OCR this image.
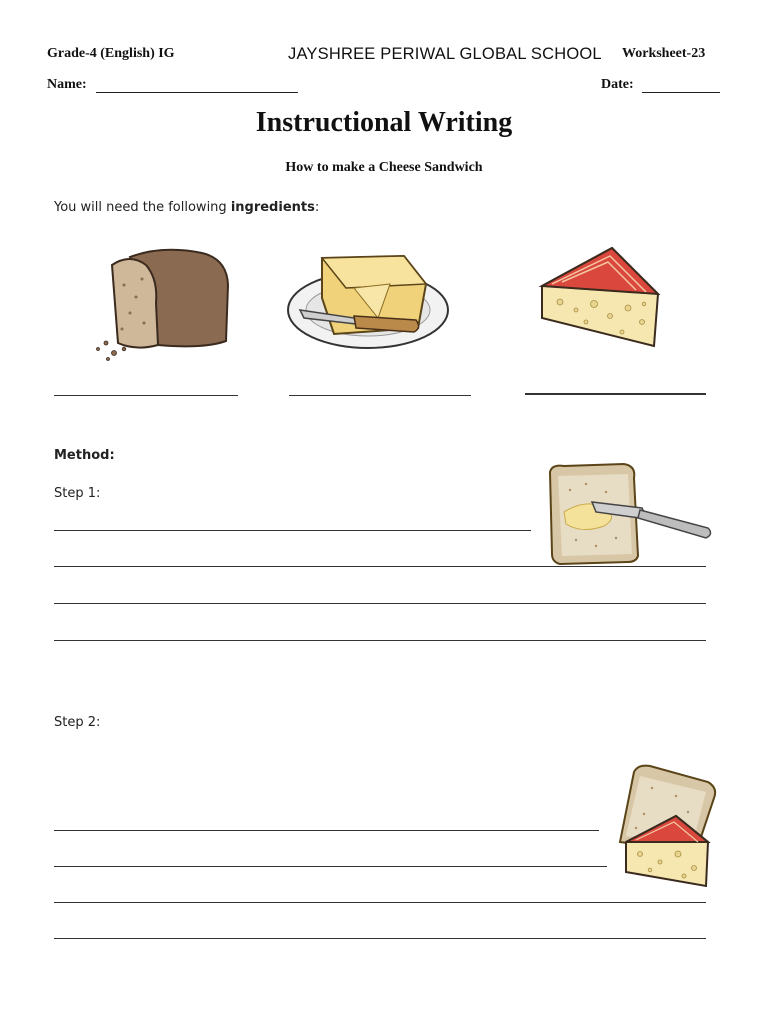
Grade-4 (English) IG	JAYSHREE PERIWAL GLOBAL SCHOOL Worksheet-23
Name:	Date:
Instructional Writing
How to make a Cheese Sandwich
You will need the following ingredients:
Method:
Step 1:
Step 2:
